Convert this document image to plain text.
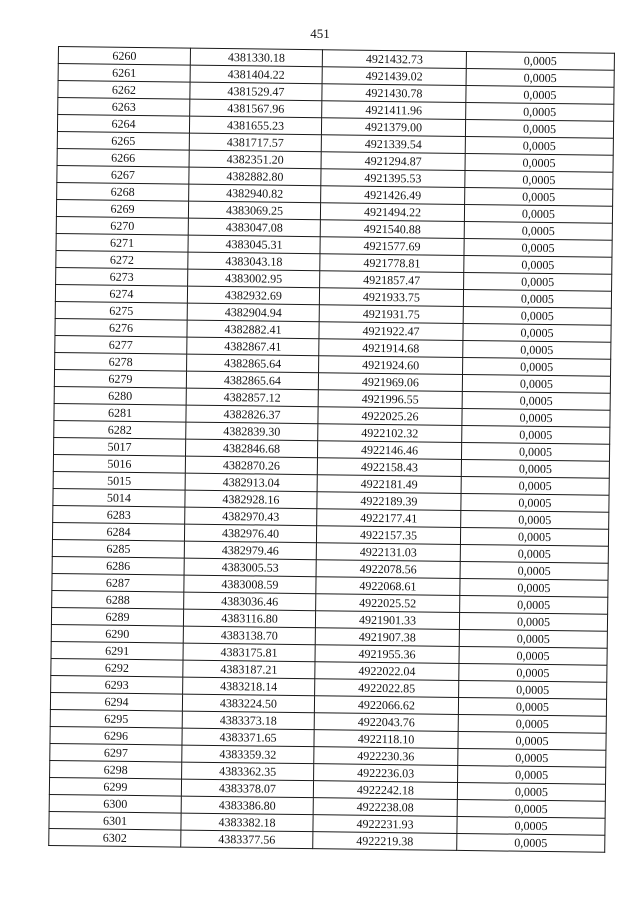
451
6260	4381330.18	4921432.73	0,0005
6261	4381404.22	4921439.02	0,0005
6262	4381529.47	4921430.78	0,0005
6263	4381567.96	4921411.96	0,0005
6264	4381655.23	4921379.00	0,0005
6265	4381717.57	4921339.54	0,0005
6266	4382351.20	4921294.87	0,0005
6267	4382882.80	4921395.53	0,0005
6268	4382940.82	4921426.49	0,0005
6269	4383069.25	4921494.22	0,0005
6270	4383047.08	4921540.88	0,0005
6271	4383045.31	4921577.69	0,0005
6272	4383043.18	4921778.81	0,0005
6273	4383002.95	4921857.47	0,0005
6274	4382932.69	4921933.75	0,0005
6275	4382904.94	4921931.75	0,0005
6276	4382882.41	4921922.47	0,0005
6277	4382867.41	4921914.68	0,0005
6278	4382865.64	4921924.60	0,0005
6279	4382865.64	4921969.06	0,0005
6280	4382857.12	4921996.55	0,0005
6281	4382826.37	4922025.26	0,0005
6282	4382839.30	4922102.32	0,0005
5017	4382846.68	4922146.46	0,0005
5016	4382870.26	4922158.43	0,0005
5015	4382913.04	4922181.49	0,0005
5014	4382928.16	4922189.39	0,0005
6283	4382970.43	4922177.41	0,0005
6284	4382976.40	4922157.35	0,0005
6285	4382979.46	4922131.03	0,0005
6286	4383005.53	4922078.56	0,0005
6287	4383008.59	4922068.61	0,0005
6288	4383036.46	4922025.52	0,0005
6289	4383116.80	4921901.33	0,0005
6290	4383138.70	4921907.38	0,0005
6291	4383175.81	4921955.36	0,0005
6292	4383187.21	4922022.04	0,0005
6293	4383218.14	4922022.85	0,0005
6294	4383224.50	4922066.62	0,0005
6295	4383373.18	4922043.76	0,0005
6296	4383371.65	4922118.10	0,0005
6297	4383359.32	4922230.36	0,0005
6298	4383362.35	4922236.03	0,0005
6299	4383378.07	4922242.18	0,0005
6300	4383386.80	4922238.08	0,0005
6301	4383382.18	4922231.93	0,0005
6302	4383377.56	4922219.38	0,0005
